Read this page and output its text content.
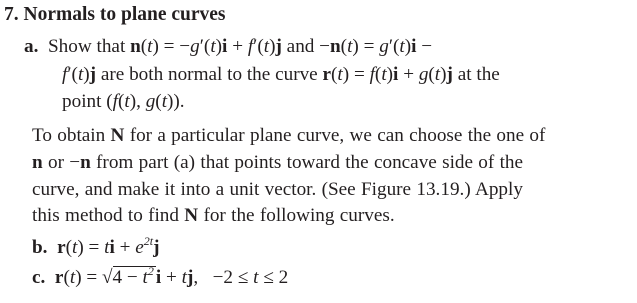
7. Normals to plane curves
a.  Show that n(t) = −g′(t)i + f′(t)j and −n(t) = g′(t)i −
f′(t)j are both normal to the curve r(t) = f(t)i + g(t)j at the
point (f(t), g(t)).
To obtain N for a particular plane curve, we can choose the one of
n or −n from part (a) that points toward the concave side of the
curve, and make it into a unit vector. (See Figure 13.19.) Apply
this method to find N for the following curves.
b. r(t) = ti + $e^{2t}j$
c. $r(t) = √4 - t^2$ i + tj,   −2 ≤ t ≤ 2
